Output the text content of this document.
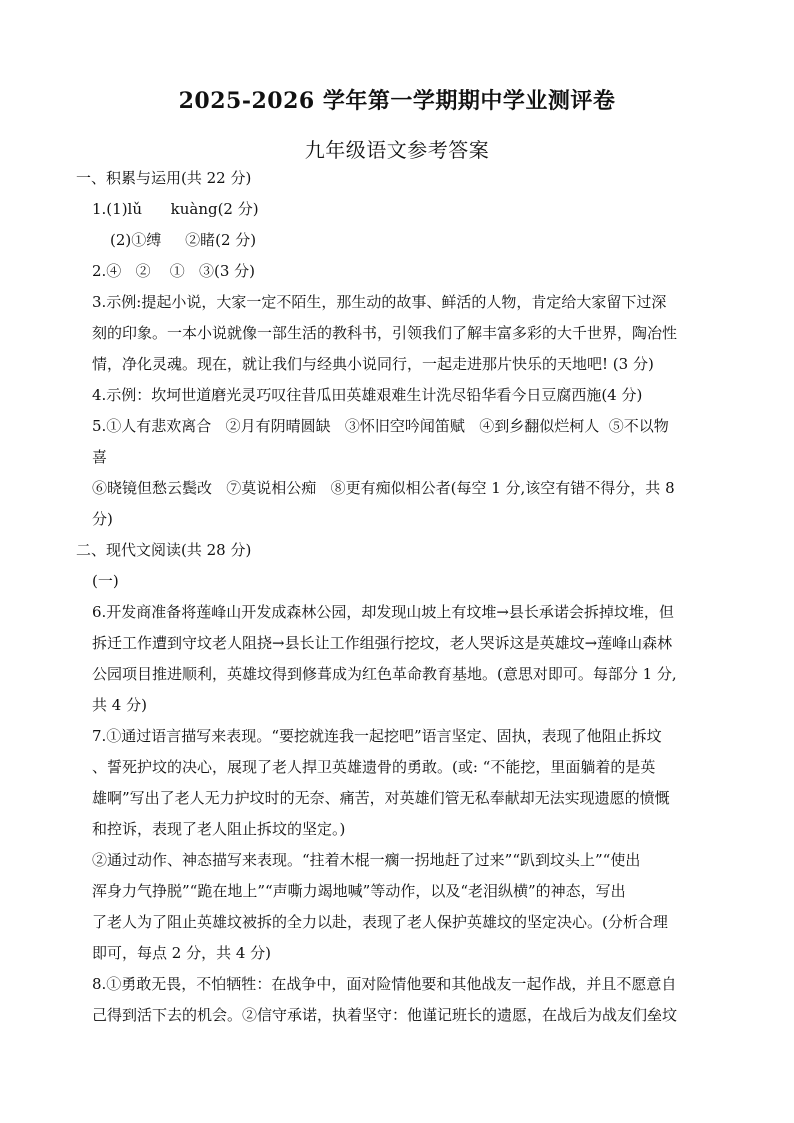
2025-2026 学年第一学期期中学业测评卷
九年级语文参考答案
一、积累与运用(共 22 分)
1.(1)lǔ      kuàng(2 分)
(2)①缚     ②睹(2 分)
2.④   ②    ①   ③(3 分)
3.示例:提起小说，大家一定不陌生，那生动的故事、鲜活的人物，肯定给大家留下过深
刻的印象。一本小说就像一部生活的教科书，引领我们了解丰富多彩的大千世界，陶冶性
情，净化灵魂。现在，就让我们与经典小说同行，一起走进那片快乐的天地吧! (3 分)
4.示例：坎坷世道磨光灵巧叹往昔瓜田英雄艰难生计洗尽铅华看今日豆腐西施(4 分)
5.①人有悲欢离合   ②月有阴晴圆缺   ③怀旧空吟闻笛赋   ④到乡翻似烂柯人  ⑤不以物
喜
⑥晓镜但愁云鬓改   ⑦莫说相公痴   ⑧更有痴似相公者(每空 1 分,该空有错不得分，共 8
分)
二、现代文阅读(共 28 分)
(一)
6.开发商准备将莲峰山开发成森林公园，却发现山坡上有坟堆→县长承诺会拆掉坟堆，但
拆迁工作遭到守坟老人阻挠→县长让工作组强行挖坟，老人哭诉这是英雄坟→莲峰山森林
公园项目推进顺利，英雄坟得到修葺成为红色革命教育基地。(意思对即可。每部分 1 分,
共 4 分)
7.①通过语言描写来表现。“要挖就连我一起挖吧”语言坚定、固执，表现了他阻止拆坟
、誓死护坟的决心，展现了老人捍卫英雄遗骨的勇敢。(或: “不能挖，里面躺着的是英
雄啊”写出了老人无力护坟时的无奈、痛苦，对英雄们管无私奉献却无法实现遗愿的愤慨
和控诉，表现了老人阻止拆坟的坚定。)
②通过动作、神态描写来表现。“拄着木棍一瘸一拐地赶了过来”“趴到坟头上”“使出
浑身力气挣脱”“跪在地上”“声嘶力竭地喊”等动作，以及“老泪纵横”的神态，写出
了老人为了阻止英雄坟被拆的全力以赴，表现了老人保护英雄坟的坚定决心。(分析合理
即可，每点 2 分，共 4 分)
8.①勇敢无畏，不怕牺牲：在战争中，面对险情他要和其他战友一起作战，并且不愿意自
己得到活下去的机会。②信守承诺，执着坚守：他谨记班长的遗愿，在战后为战友们垒坟
